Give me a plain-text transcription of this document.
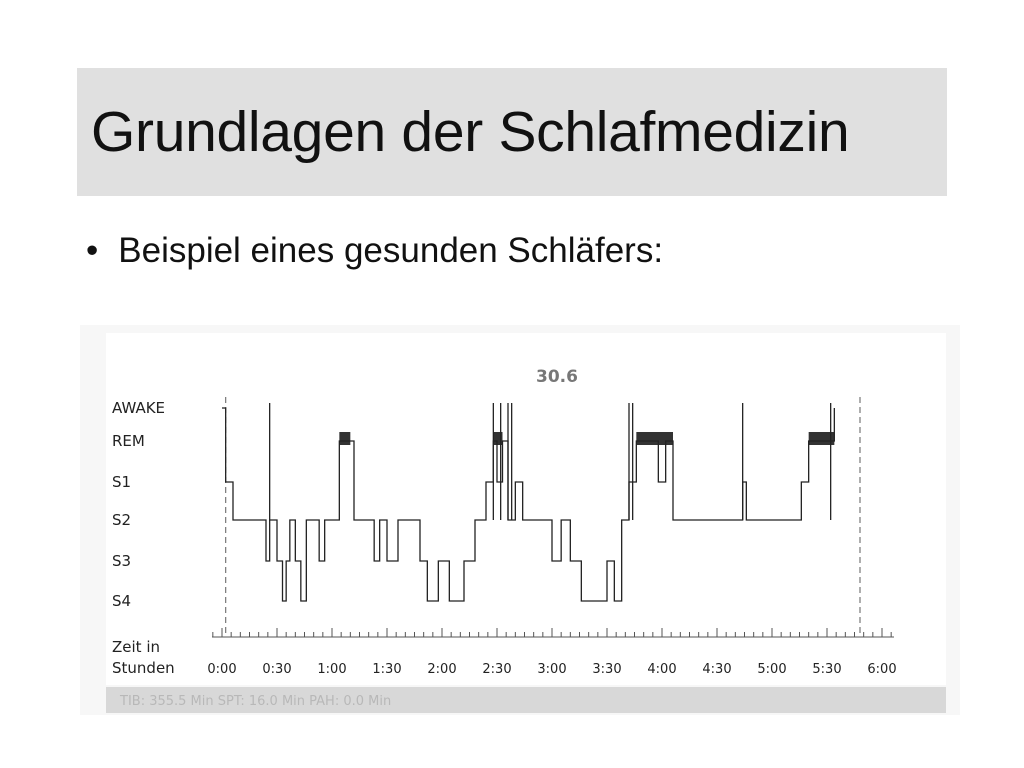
Grundlagen der Schlafmedizin
• Beispiel eines gesunden Schläfers:
AWAKE
REM
S1
S2
S3
S4
30.6
0:00 0:30 1:00 1:30 2:00 2:30 3:00 3:30 4:00 4:30 5:00 5:30 6:00
Zeit in
Stunden
TIB: 355.5 Min SPT: 16.0 Min PAH: 0.0 Min
